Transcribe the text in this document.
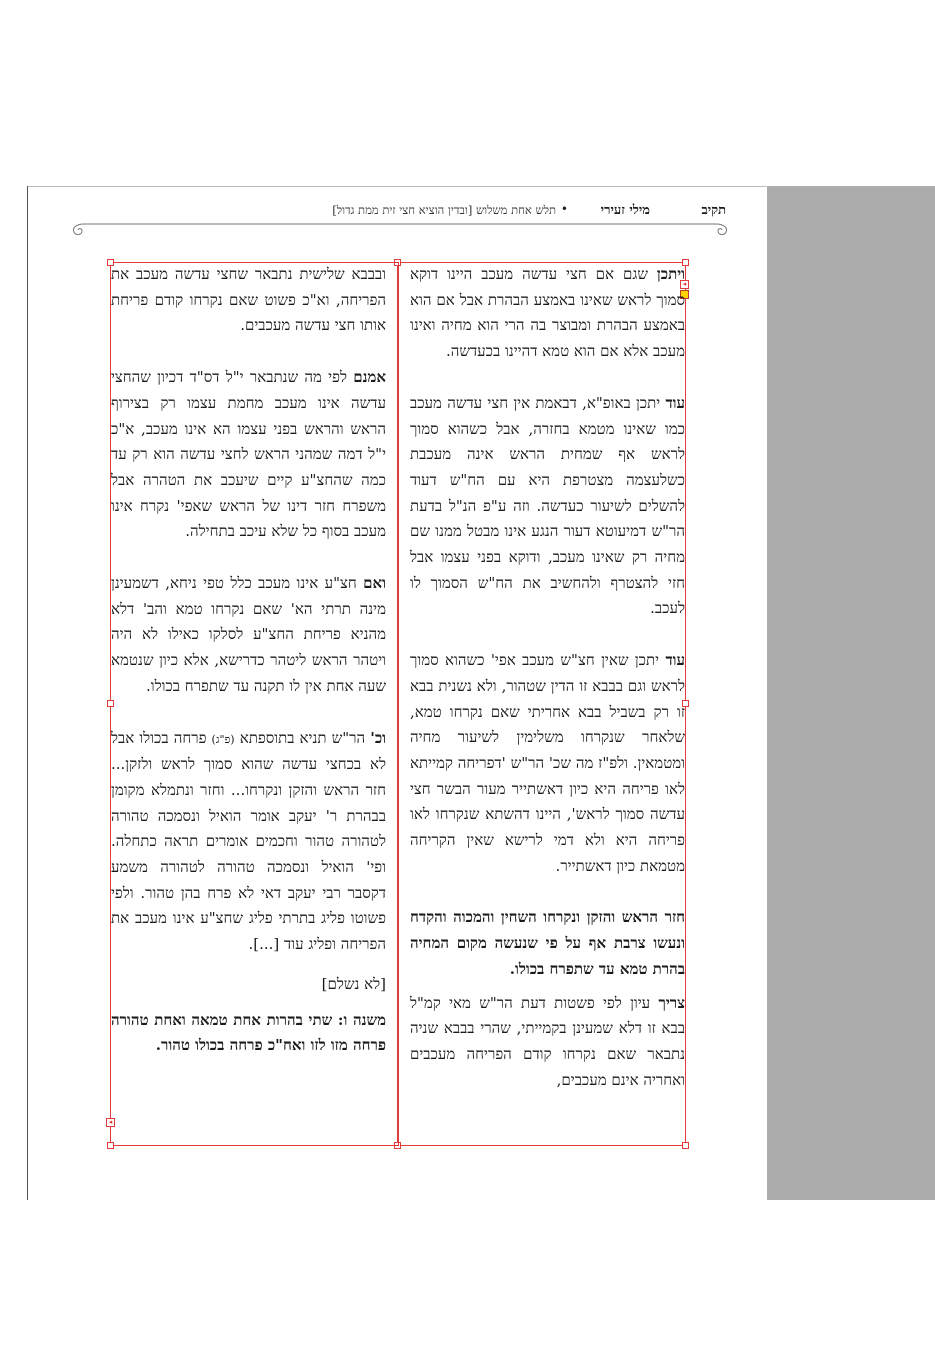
תקיב
מילי זעירי
•
תלש אחת משלוש [ובדין הוציא חצי זית ממת גדול]
◂
◂

ויתכן שגם אם חצי עדשה מעכב היינו דוקא סמוך לראש שאינו באמצע הבהרת אבל אם הוא באמצע הבהרת ומבוצר בה הרי הוא מחיה ואינו מעכב אלא אם הוא טמא דהיינו בכעדשה.

עוד יתכן באופ"א, דבאמת אין חצי עדשה מעכב כמו שאינו מטמא בחזרה, אבל כשהוא סמוך לראש אף שמחית הראש אינה מעכבת כשלעצמה מצטרפת היא עם הח"ש דעוד להשלים לשיעור כעדשה. וזה ע"פ הנ"ל בדעת הר"ש דמיעוטא דעור הנגע אינו מבטל ממנו שם מחיה רק שאינו מעכב, ודוקא בפני עצמו אבל חזי להצטרף ולהחשיב את הח"ש הסמוך לו לעכב.

עוד יתכן שאין חצ"ש מעכב אפי' כשהוא סמוך לראש וגם בבבא זו הדין שטהור, ולא נשנית בבא זו רק בשביל בבא אחריתי שאם נקרחו טמא, שלאחר שנקרחו משלימין לשיעור מחיה ומטמאין. ולפ"ז מה שכ' הר"ש 'דפריחה קמייתא לאו פריחה היא כיון דאשתייר מעור הבשר חצי עדשה סמוך לראש', היינו דהשתא שנקרחו לאו פריחה היא ולא דמי לרישא שאין הקריחה מטמאת כיון דאשתייר.

חזר הראש והזקן ונקרחו השחין והמכוה והקדח ונעשו צרבת אף על פי שנעשה מקום המחיה בהרת טמא עד שתפרח בכולו.

צריך עיון לפי פשטות דעת הר"ש מאי קמ"ל בבא זו דלא שמעינן בקמייתי, שהרי בבבא שניה נתבאר שאם נקרחו קודם הפריחה מעכבים ואחריה אינם מעכבים,

ובבבא שלישית נתבאר שחצי עדשה מעכב את הפריחה, וא"כ פשוט שאם נקרחו קודם פריחת אותו חצי עדשה מעכבים.

אמנם לפי מה שנתבאר י"ל דס"ד דכיון שהחצי עדשה אינו מעכב מחמת עצמו רק בצירוף הראש והראש בפני עצמו הא אינו מעכב, א"כ י"ל דמה שמהני הראש לחצי עדשה הוא רק עד כמה שהחצ"ע קיים שיעכב את הטהרה אבל משפרח חזר דינו של הראש שאפי' נקרח אינו מעכב בסוף כל שלא עיכב בתחילה.

ואם חצ"ע אינו מעכב כלל טפי ניחא, דשמעינן מינה תרתי הא' שאם נקרחו טמא והב' דלא מהניא פריחת החצ"ע לסלקו כאילו לא היה ויטהר הראש ליטהר כדרישא, אלא כיון שנטמא שעה אחת אין לו תקנה עד שתפרח בכולו.

וכ' הר"ש תניא בתוספתא (פ"ג) פרחה בכולו אבל לא בכחצי עדשה שהוא סמוך לראש ולזקן... חזר הראש והזקן ונקרחו... וחזר ונתמלא מקומן בבהרת ר' יעקב אומר הואיל ונסמכה טהורה לטהורה טהור וחכמים אומרים תראה כתחלה. ופי' הואיל ונסמכה טהורה לטהורה משמע דקסבר רבי יעקב דאי לא פרח בהן טהור. ולפי פשוטו פליג בתרתי פליג שחצ"ע אינו מעכב את הפריחה ופליג עוד [...].

[לא נשלם]

משנה ו: שתי בהרות אחת טמאה ואחת טהורה פרחה מזו לזו ואח"כ פרחה בכולו טהור.
